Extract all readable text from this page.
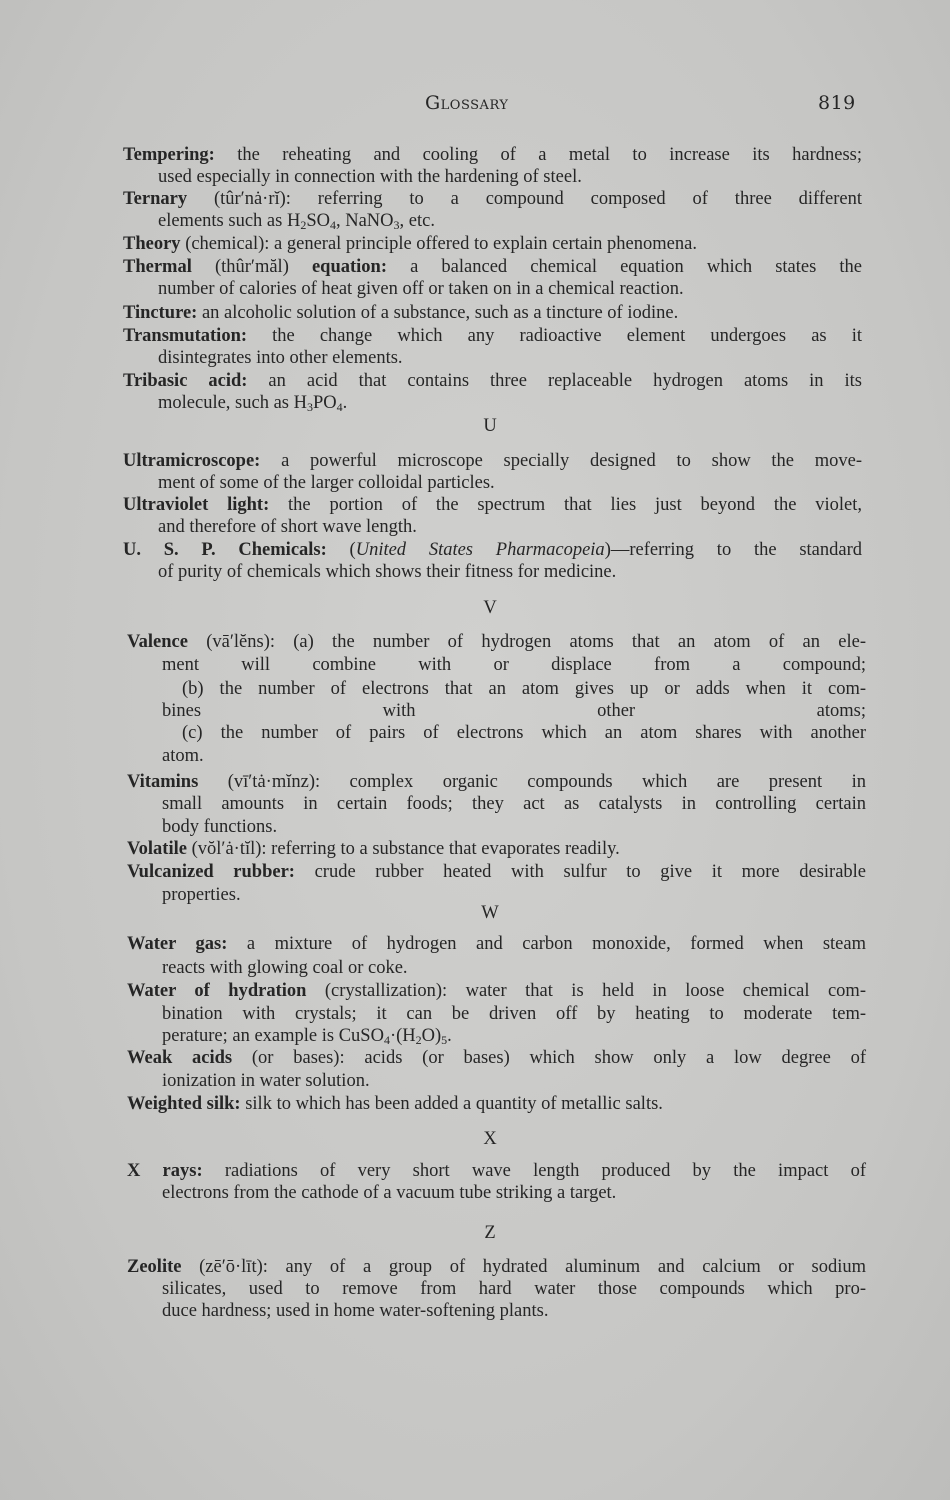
Glossary	819
Tempering: the reheating and cooling of a metal to increase its hardness;
used especially in connection with the hardening of steel.
Ternary (tûr′nȧ·rĭ): referring to a compound composed of three different
elements such as $H_2SO_4$, NaNO$_3$, etc.
Theory (chemical): a general principle offered to explain certain phenomena.
Thermal (thûr′măl) equation: a balanced chemical equation which states the
number of calories of heat given off or taken on in a chemical reaction.
Tincture: an alcoholic solution of a substance, such as a tincture of iodine.
Transmutation: the change which any radioactive element undergoes as it
disintegrates into other elements.
Tribasic acid: an acid that contains three replaceable hydrogen atoms in its
molecule, such as $H_3PO_4$.
U
Ultramicroscope: a powerful microscope specially designed to show the move-
ment of some of the larger colloidal particles.
Ultraviolet light: the portion of the spectrum that lies just beyond the violet,
and therefore of short wave length.
U. S. P. Chemicals: (United States Pharmacopeia)—referring to the standard
of purity of chemicals which shows their fitness for medicine.
V
Valence (vā′lĕns): (a) the number of hydrogen atoms that an atom of an ele-
ment will combine with or displace from a compound;
(b) the number of electrons that an atom gives up or adds when it com-
bines with other atoms;
(c) the number of pairs of electrons which an atom shares with another
atom.
Vitamins (vī′tȧ·mĭnz): complex organic compounds which are present in
small amounts in certain foods; they act as catalysts in controlling certain
body functions.
Volatile (vŏl′ȧ·tĭl): referring to a substance that evaporates readily.
Vulcanized rubber: crude rubber heated with sulfur to give it more desirable
properties.
W
Water gas: a mixture of hydrogen and carbon monoxide, formed when steam
reacts with glowing coal or coke.
Water of hydration (crystallization): water that is held in loose chemical com-
bination with crystals; it can be driven off by heating to moderate tem-
perature; an example is $CuSO_4\cdot(H_2O)_5$.
Weak acids (or bases): acids (or bases) which show only a low degree of
ionization in water solution.
Weighted silk: silk to which has been added a quantity of metallic salts.
X
X rays: radiations of very short wave length produced by the impact of
electrons from the cathode of a vacuum tube striking a target.
Z
Zeolite (zē′ō·līt): any of a group of hydrated aluminum and calcium or sodium
silicates, used to remove from hard water those compounds which pro-
duce hardness; used in home water-softening plants.
